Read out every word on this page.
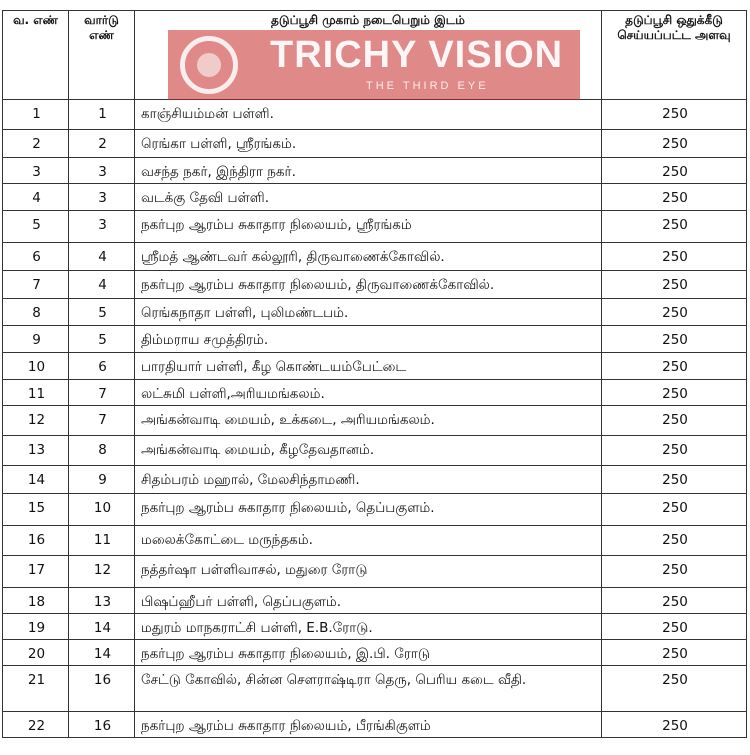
வ. எண்	வார்டு எண்	தடுப்பூசி முகாம் நடைபெறும் இடம்	தடுப்பூசி ஒதுக்கீடு செய்யப்பட்ட அளவு
1	1	காஞ்சியம்மன் பள்ளி.	250
2	2	ரெங்கா பள்ளி, ஸ்ரீரங்கம்.	250
3	3	வசந்த நகர், இந்திரா நகர்.	250
4	3	வடக்கு தேவி பள்ளி.	250
5	3	நகர்புற ஆரம்ப சுகாதார நிலையம், ஸ்ரீரங்கம்	250
6	4	ஸ்ரீமத் ஆண்டவர் கல்லூரி, திருவாணைக்கோவில்.	250
7	4	நகர்புற ஆரம்ப சுகாதார நிலையம், திருவாணைக்கோவில்.	250
8	5	ரெங்கநாதா பள்ளி, புலிமண்டபம்.	250
9	5	திம்மராய சமுத்திரம்.	250
10	6	பாரதியார் பள்ளி, கீழ கொண்டயம்பேட்டை	250
11	7	லட்சுமி பள்ளி,அரியமங்கலம்.	250
12	7	அங்கன்வாடி மையம், உக்கடை, அரியமங்கலம்.	250
13	8	அங்கன்வாடி மையம், கீழதேவதானம்.	250
14	9	சிதம்பரம் மஹால், மேலசிந்தாமணி.	250
15	10	நகர்புற ஆரம்ப சுகாதார நிலையம், தெப்பகுளம்.	250
16	11	மலைக்கோட்டை மருந்தகம்.	250
17	12	நத்தர்ஷா பள்ளிவாசல், மதுரை ரோடு	250
18	13	பிஷப்ஹீபர் பள்ளி, தெப்பகுளம்.	250
19	14	மதுரம் மாநகராட்சி பள்ளி, E.B.ரோடு.	250
20	14	நகர்புற ஆரம்ப சுகாதார நிலையம், இ.பி. ரோடு	250
21	16	சேட்டு கோவில், சின்ன சௌராஷ்டிரா தெரு, பெரிய கடை வீதி.	250
22	16	நகர்புற ஆரம்ப சுகாதார நிலையம், பீரங்கிகுளம்	250
TRICHY VISION
THE THIRD EYE
